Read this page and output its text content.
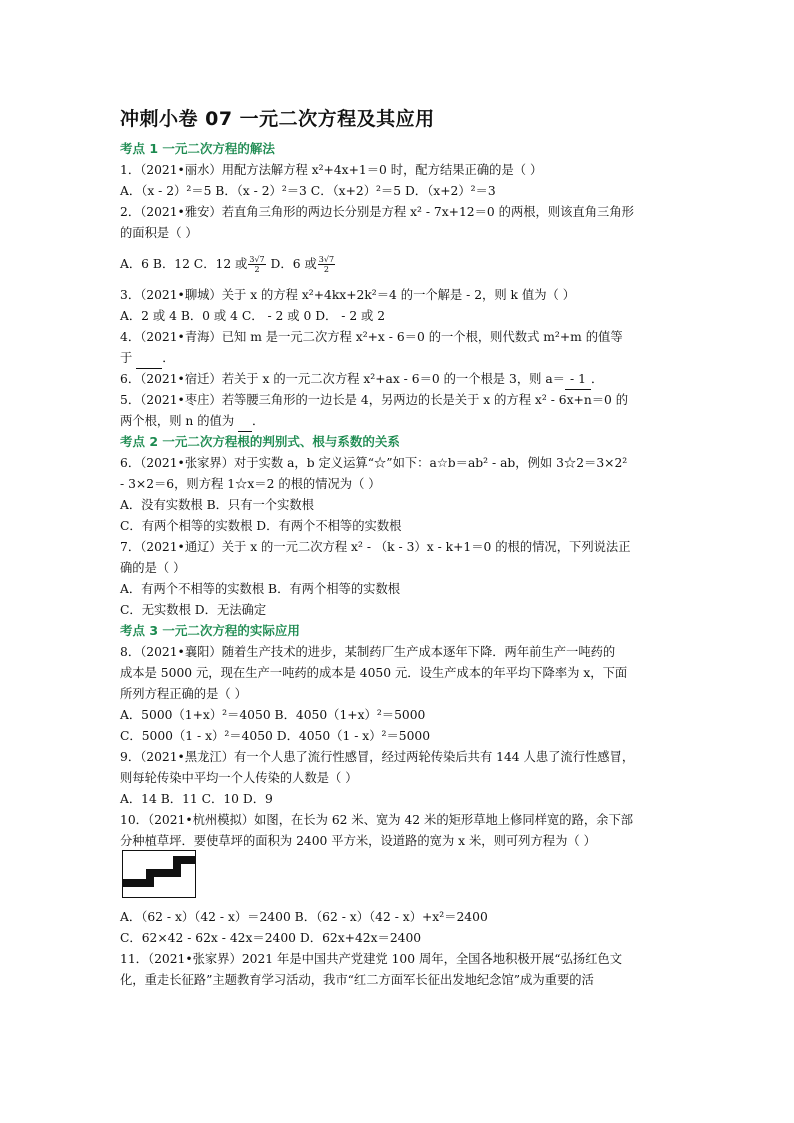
冲刺小卷 07 一元二次方程及其应用
考点 1 一元二次方程的解法
1．（2021•丽水）用配方法解方程 x²+4x+1＝0 时，配方结果正确的是（ ）
A．（x - 2）²＝5 B．（x - 2）²＝3 C．（x+2）²＝5 D．（x+2）²＝3
2．（2021•雅安）若直角三角形的两边长分别是方程 x² - 7x+12＝0 的两根，则该直角三角形
的面积是（ ）
A．6 B．12 C．12 或 $\frac{3√7}{2}$ D．6 或 $\frac{3√7}{2}$
3．（2021•聊城）关于 x 的方程 x²+4kx+2k²＝4 的一个解是 - 2，则 k 值为（ ）
A．2 或 4 B．0 或 4 C． - 2 或 0 D． - 2 或 2
4．（2021•青海）已知 m 是一元二次方程 x²+x - 6＝0 的一个根，则代数式 m²+m 的值等
于  ．
6．（2021•宿迁）若关于 x 的一元二次方程 x²+ax - 6＝0 的一个根是 3，则 a＝- 1．
5．（2021•枣庄）若等腰三角形的一边长是 4，另两边的长是关于 x 的方程 x² - 6x+n＝0 的
两个根，则 n 的值为  ．
考点 2 一元二次方程根的判别式、根与系数的关系
6．（2021•张家界）对于实数 a，b 定义运算“☆”如下：a☆b＝ab² - ab，例如 3☆2＝3×2²
- 3×2＝6，则方程 1☆x＝2 的根的情况为（ ）
A．没有实数根 B．只有一个实数根
C．有两个相等的实数根 D．有两个不相等的实数根
7．（2021•通辽）关于 x 的一元二次方程 x² - （k - 3）x - k+1＝0 的根的情况，下列说法正
确的是（ ）
A．有两个不相等的实数根 B．有两个相等的实数根
C．无实数根 D．无法确定
考点 3 一元二次方程的实际应用
8．（2021•襄阳）随着生产技术的进步，某制药厂生产成本逐年下降．两年前生产一吨药的
成本是 5000 元，现在生产一吨药的成本是 4050 元．设生产成本的年平均下降率为 x，下面
所列方程正确的是（ ）
A．5000（1+x）²＝4050 B．4050（1+x）²＝5000
C．5000（1 - x）²＝4050 D．4050（1 - x）²＝5000
9．（2021•黑龙江）有一个人患了流行性感冒，经过两轮传染后共有 144 人患了流行性感冒，
则每轮传染中平均一个人传染的人数是（ ）
A．14 B．11 C．10 D．9
10．（2021•杭州模拟）如图，在长为 62 米、宽为 42 米的矩形草地上修同样宽的路，余下部
分种植草坪．要使草坪的面积为 2400 平方米，设道路的宽为 x 米，则可列方程为（ ）
A．（62 - x）（42 - x）＝2400 B．（62 - x）（42 - x）+x²＝2400
C．62×42 - 62x - 42x＝2400 D．62x+42x＝2400
11．（2021•张家界）2021 年是中国共产党建党 100 周年，全国各地积极开展“弘扬红色文
化，重走长征路”主题教育学习活动，我市“红二方面军长征出发地纪念馆”成为重要的活
